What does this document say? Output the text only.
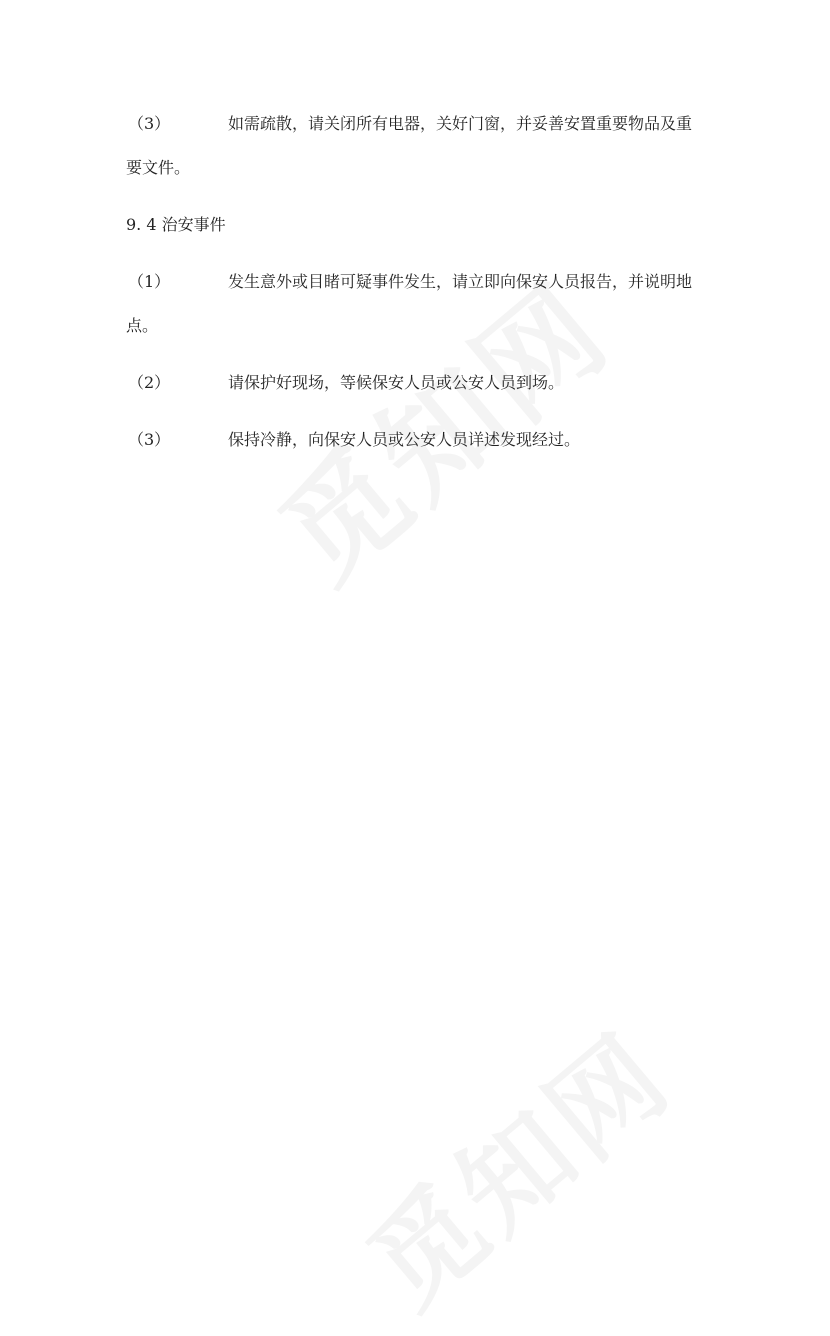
（3）	如需疏散，请关闭所有电器，关好门窗，并妥善安置重要物品及重
要文件。
9. 4 治安事件
（1）	发生意外或目睹可疑事件发生，请立即向保安人员报告，并说明地
点。
（2）	请保护好现场，等候保安人员或公安人员到场。
（3）	保持冷静，向保安人员或公安人员详述发现经过。
